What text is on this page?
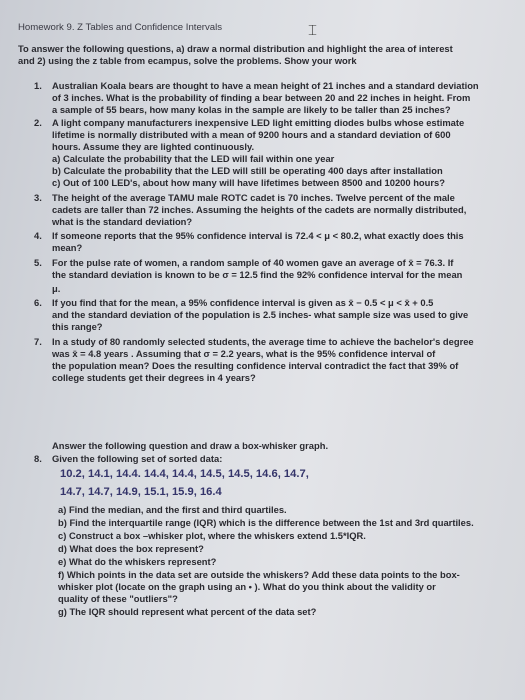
Homework 9. Z Tables and Confidence Intervals	⌶
To answer the following questions, a) draw a normal distribution and highlight the area of interest
and 2) using the z table from ecampus, solve the problems. Show your work
1. Australian Koala bears are thought to have a mean height of 21 inches and a standard deviation
of 3 inches. What is the probability of finding a bear between 20 and 22 inches in height. From
a sample of 55 bears, how many kolas in the sample are likely to be taller than 25 inches?
2. A light company manufacturers inexpensive LED light emitting diodes bulbs whose estimate
lifetime is normally distributed with a mean of 9200 hours and a standard deviation of 600
hours. Assume they are lighted continuously.
a) Calculate the probability that the LED will fail within one year
b) Calculate the probability that the LED will still be operating 400 days after installation
c) Out of 100 LED's, about how many will have lifetimes between 8500 and 10200 hours?
3. The height of the average TAMU male ROTC cadet is 70 inches. Twelve percent of the male
cadets are taller than 72 inches. Assuming the heights of the cadets are normally distributed,
what is the standard deviation?
4. If someone reports that the 95% confidence interval is 72.4 < μ < 80.2, what exactly does this
mean?
5. For the pulse rate of women, a random sample of 40 women gave an average of x̄ = 76.3. If
the standard deviation is known to be σ = 12.5 find the 92% confidence interval for the mean
μ.
6. If you find that for the mean, a 95% confidence interval is given as x̄ − 0.5 < μ < x̄ + 0.5
and the standard deviation of the population is 2.5 inches- what sample size was used to give
this range?
7. In a study of 80 randomly selected students, the average time to achieve the bachelor's degree
was x̄ = 4.8 years . Assuming that σ = 2.2 years, what is the 95% confidence interval of
the population mean? Does the resulting confidence interval contradict the fact that 39% of
college students get their degrees in 4 years?
Answer the following question and draw a box-whisker graph.
8. Given the following set of sorted data:
10.2, 14.1, 14.4. 14.4, 14.4, 14.5, 14.5, 14.6, 14.7,
14.7, 14.7, 14.9, 15.1, 15.9, 16.4
a) Find the median, and the first and third quartiles.
b) Find the interquartile range (IQR) which is the difference between the 1st and 3rd quartiles.
c) Construct a box –whisker plot, where the whiskers extend 1.5*IQR.
d) What does the box represent?
e) What do the whiskers represent?
f) Which points in the data set are outside the whiskers? Add these data points to the box-
whisker plot (locate on the graph using an • ). What do you think about the validity or
quality of these "outliers"?
g) The IQR should represent what percent of the data set?
